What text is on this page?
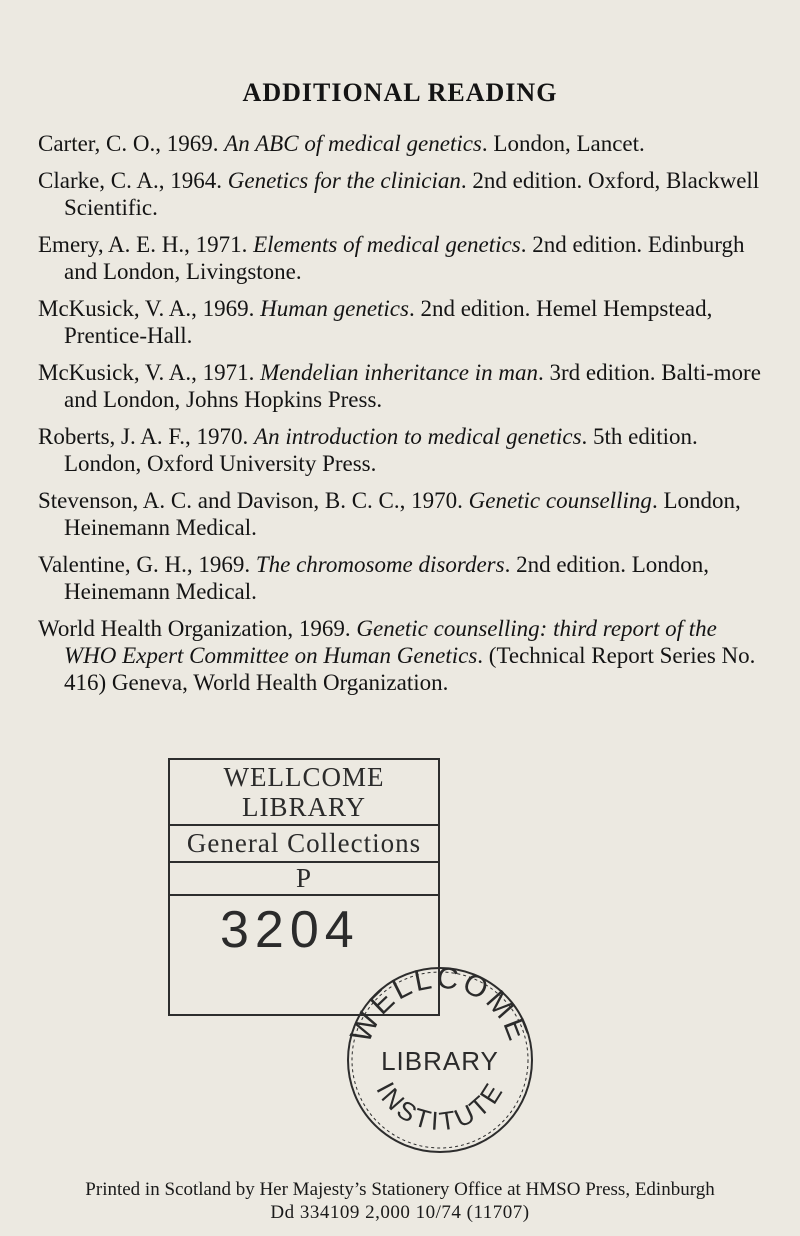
ADDITIONAL READING
Carter, C. O., 1969. An ABC of medical genetics. London, Lancet.
Clarke, C. A., 1964. Genetics for the clinician. 2nd edition. Oxford, Blackwell Scientific.
Emery, A. E. H., 1971. Elements of medical genetics. 2nd edition. Edinburgh and London, Livingstone.
McKusick, V. A., 1969. Human genetics. 2nd edition. Hemel Hempstead, Prentice-Hall.
McKusick, V. A., 1971. Mendelian inheritance in man. 3rd edition. Balti-more and London, Johns Hopkins Press.
Roberts, J. A. F., 1970. An introduction to medical genetics. 5th edition. London, Oxford University Press.
Stevenson, A. C. and Davison, B. C. C., 1970. Genetic counselling. London, Heinemann Medical.
Valentine, G. H., 1969. The chromosome disorders. 2nd edition. London, Heinemann Medical.
World Health Organization, 1969. Genetic counselling: third report of the WHO Expert Committee on Human Genetics. (Technical Report Series No. 416) Geneva, World Health Organization.
WELLCOME
LIBRARY
General Collections
P
3204
WELLCOME
LIBRARY
INSTITUTE
Printed in Scotland by Her Majesty’s Stationery Office at HMSO Press, Edinburgh
Dd 334109 2,000 10/74 (11707)
